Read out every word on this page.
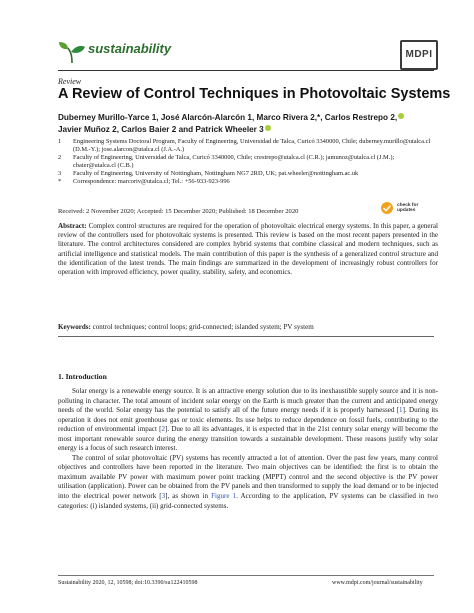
sustainability	MDPI
Review
A Review of Control Techniques in Photovoltaic Systems
Duberney Murillo-Yarce 1, José Alarcón-Alarcón 1, Marco Rivera 2,*, Carlos Restrepo 2,
Javier Muñoz 2, Carlos Baier 2 and Patrick Wheeler 3
1	Engineering Systems Doctoral Program, Faculty of Engineering, Universidad de Talca, Curicó 3340000, Chile; duberney.murillo@utalca.cl (D.M.-Y.); jose.alarcon@utalca.cl (J.A.-A.)
2	Faculty of Engineering, Universidad de Talca, Curicó 3340000, Chile; crestrepo@utalca.cl (C.R.); jamunoz@utalca.cl (J.M.); cbaier@utalca.cl (C.B.)
3	Faculty of Engineering, University of Nottingham, Nottingham NG7 2RD, UK; pat.wheeler@nottingham.ac.uk
*	Correspondence: marcoriv@utalca.cl; Tel.: +56-933-923-996
Received: 2 November 2020; Accepted: 15 December 2020; Published: 18 December 2020
check for
updates
Abstract: Complex control structures are required for the operation of photovoltaic electrical energy systems. In this paper, a general review of the controllers used for photovoltaic systems is presented. This review is based on the most recent papers presented in the literature. The control architectures considered are complex hybrid systems that combine classical and modern techniques, such as artificial intelligence and statistical models. The main contribution of this paper is the synthesis of a generalized control structure and the identification of the latest trends. The main findings are summarized in the development of increasingly robust controllers for operation with improved efficiency, power quality, stability, safety, and economics.
Keywords: control techniques; control loops; grid-connected; islanded system; PV system
1. Introduction

Solar energy is a renewable energy source. It is an attractive energy solution due to its inexhaustible supply source and it is non-polluting in character. The total amount of incident solar energy on the Earth is much greater than the current and anticipated energy needs of the world. Solar energy has the potential to satisfy all of the future energy needs if it is properly harnessed [1]. During its operation it does not emit greenhouse gas or toxic elements. Its use helps to reduce dependence on fossil fuels, contributing to the reduction of environmental impact [2]. Due to all its advantages, it is expected that in the 21st century solar energy will become the most important renewable source during the energy transition towards a sustainable development. These reasons justify why solar energy is a focus of such research interest.

The control of solar photovoltaic (PV) systems has recently attracted a lot of attention. Over the past few years, many control objectives and controllers have been reported in the literature. Two main objectives can be identified: the first is to obtain the maximum available PV power with maximum power point tracking (MPPT) control and the second objective is the PV power utilisation (application). Power can be obtained from the PV panels and then transformed to supply the load demand or to be injected into the electrical power network [3], as shown in Figure 1. According to the application, PV systems can be classified in two categories: (i) islanded systems, (ii) grid-connected systems.

Sustainability 2020, 12, 10598; doi:10.3390/su122410598	www.mdpi.com/journal/sustainability
